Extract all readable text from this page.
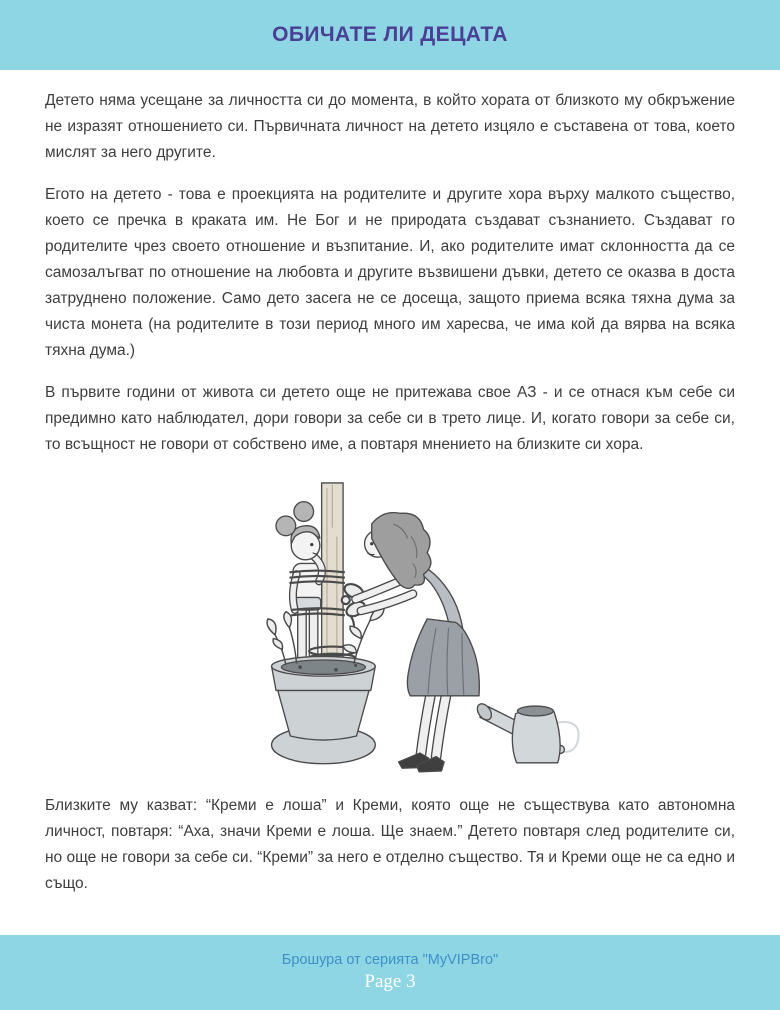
ОБИЧАТЕ ЛИ ДЕЦАТА

Детето няма усещане за личността си до момента, в който хората от близкото му обкръжение не изразят отношението си. Първичната личност на детето изцяло е съставена от това, което мислят за него другите.

Егото на детето - това е проекцията на родителите и другите хора върху малкото същество, което се пречка в краката им. Не Бог и не природата създават съзнанието. Създават го родителите чрез своето отношение и възпитание. И, ако родителите имат склонността да се самозалъгват по отношение на любовта и другите възвишени дъвки, детето се оказва в доста затруднено положение. Само дето засега не се досеща, защото приема всяка тяхна дума за чиста монета (на родителите в този период много им харесва, че има кой да вярва на всяка тяхна дума.)

В първите години от живота си детето още не притежава свое АЗ - и се отнася към себе си предимно като наблюдател, дори говори за себе си в трето лице. И, когато говори за себе си, то всъщност не говори от собствено име, а повтаря мнението на близките си хора.

Близките му казват: “Креми е лоша” и Креми, която още не съществува като автономна личност, повтаря: “Аха, значи Креми е лоша. Ще знаем.” Детето повтаря след родителите си, но още не говори за себе си. “Креми” за него е отделно същество. Тя и Креми още не са едно и също.

Брошура от серията "MyVIPBro"
Page 3
